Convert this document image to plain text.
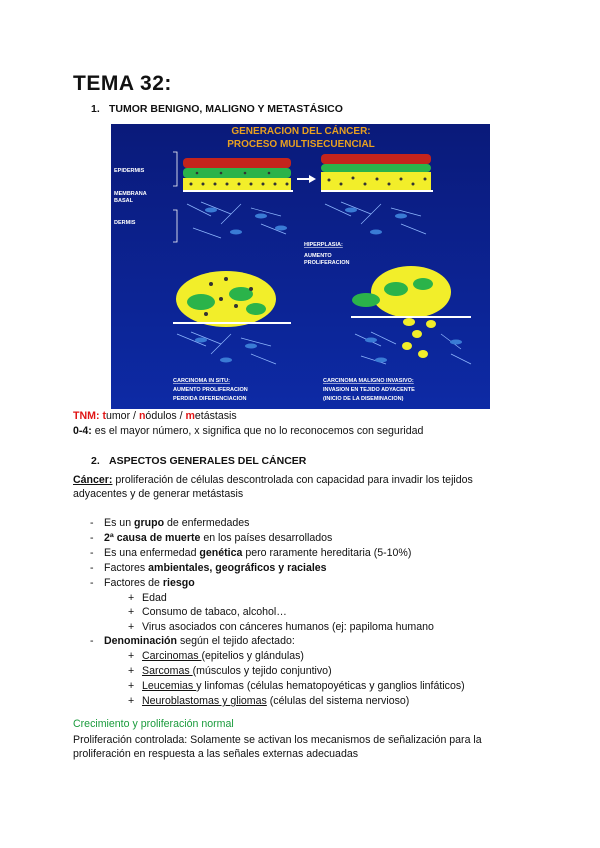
TEMA 32:
1. TUMOR BENIGNO, MALIGNO Y METASTÁSICO
GENERACION DEL CÁNCER:
PROCESO MULTISECUENCIAL
EPIDERMIS
MEMBRANA
BASAL
DERMIS
HIPERPLASIA:
AUMENTO
PROLIFERACION
CARCINOMA IN SITU:
AUMENTO PROLIFERACION
PERDIDA DIFERENCIACION
CARCINOMA MALIGNO INVASIVO:
INVASION EN TEJIDO ADYACENTE
(INICIO DE LA DISEMINACION)
TNM: tumor / nódulos / metástasis
0-4: es el mayor número, x significa que no lo reconocemos con seguridad
2. ASPECTOS GENERALES DEL CÁNCER
Cáncer: proliferación de células descontrolada con capacidad para invadir los tejidos adyacentes y de generar metástasis
- Es un grupo de enfermedades
- 2ª causa de muerte en los países desarrollados
- Es una enfermedad genética pero raramente hereditaria (5-10%)
- Factores ambientales, geográficos y raciales
- Factores de riesgo
+ Edad
+ Consumo de tabaco, alcohol…
+ Virus asociados con cánceres humanos (ej: papiloma humano
- Denominación según el tejido afectado:
+ Carcinomas (epitelios y glándulas)
+ Sarcomas (músculos y tejido conjuntivo)
+ Leucemias y linfomas (células hematopoyéticas y ganglios linfáticos)
+ Neuroblastomas y gliomas (células del sistema nervioso)
Crecimiento y proliferación normal
Proliferación controlada: Solamente se activan los mecanismos de señalización para la proliferación en respuesta a las señales externas adecuadas
